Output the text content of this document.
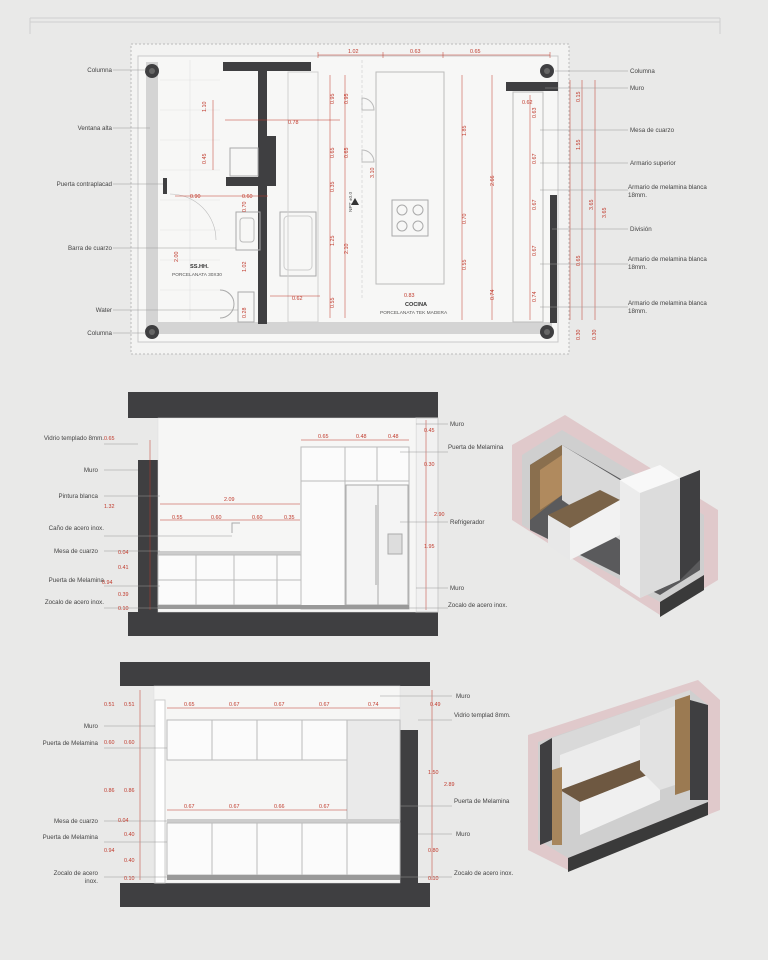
Columna
Ventana alta
Puerta contraplacad
Barra de cuarzo
Water
Columna
Columna
Muro
Mesa de cuarzo
Armario superior
Armario de melamina blanca 18mm.
División
Armario de melamina blanca 18mm.
Armario de melamina blanca 18mm.
SS.HH.
PORCELANATA 30X30
COCINA
PORCELANATA TEK MADERA
NPT ±0.0
1.02	0.63	0.65
1.10
0.78
0.45
0.90	0.60
0.70
0.95 0.95
0.65 0.65
0.35
3.10
1.25
2.10
0.55
0.62
1.02
2.00
0.28
1.85
0.70
0.55
0.83
2.66
0.74
0.62
0.63
0.67
0.67
0.67
0.74
0.15
1.55
3.65
3.65
0.65
0.30 0.30
Vidrio templado 8mm.
Muro
Pintura blanca
Caño de acero inox.
Mesa de cuarzo
Puerta de Melamina
Zocalo de acero inox.
Muro
Puerta de Melamina
Refrigerador
Muro
Zocalo de acero inox.
0.65
1.32
0.04
0.41
0.94
0.39
0.10
2.09
0.55	0.60	0.60	0.35
0.65	0.48	0.48
0.45
0.30
2.90
1.95
Muro
Puerta de Melamina
Mesa de cuarzo
Puerta de Melamina
Zocalo de acero inox.
Muro
Vidrio templad 8mm.
Puerta de Melamina
Muro
Zocalo de acero inox.
0.51 0.51
0.60 0.60
0.86 0.86
0.04
0.40
0.94
0.40
0.10
0.65	0.67	0.67	0.67	0.74
0.67	0.67	0.66	0.67
0.49
1.50
2.89
0.80
0.10
